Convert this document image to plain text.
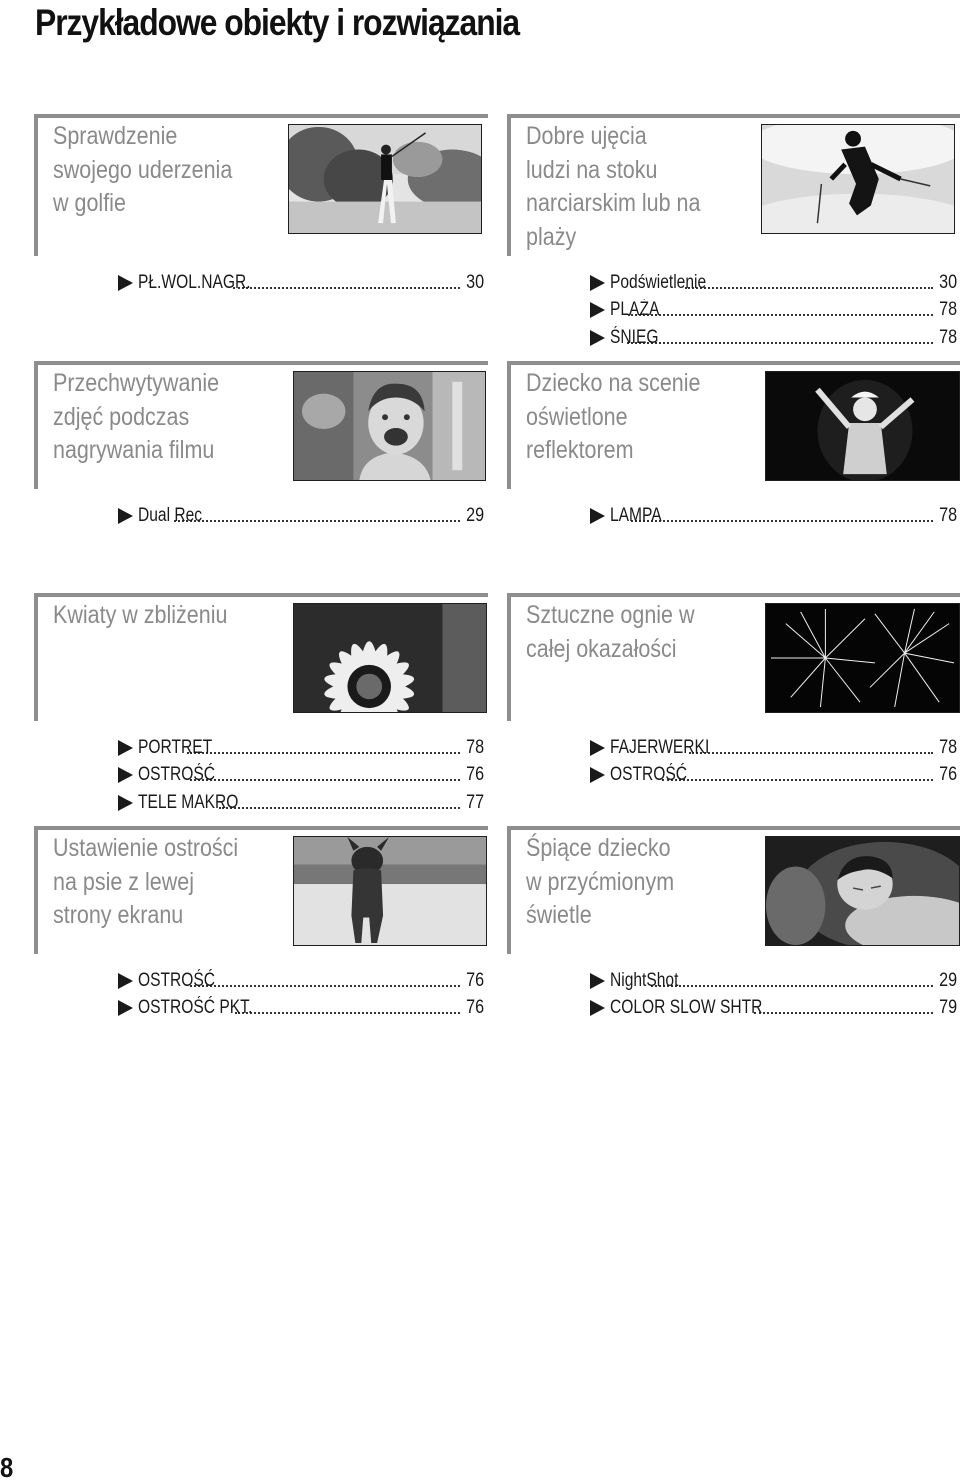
Przykładowe obiekty i rozwiązania
Sprawdzenie
swojego uderzenia
w golfie
PŁ.WOL.NAGR.	30
Dobre ujęcia
ludzi na stoku
narciarskim lub na
plaży
Podświetlenie	30
PLAŻA	78
ŚNIEG	78
Przechwytywanie
zdjęć podczas
nagrywania filmu
Dual Rec	29
Dziecko na scenie
oświetlone
reflektorem
LAMPA	78
Kwiaty w zbliżeniu
PORTRET	78
OSTROŚĆ	76
TELE MAKRO	77
Sztuczne ognie w
całej okazałości
FAJERWERKI	78
OSTROŚĆ	76
Ustawienie ostrości
na psie z lewej
strony ekranu
OSTROŚĆ	76
OSTROŚĆ PKT.	76
Śpiące dziecko
w przyćmionym
świetle
NightShot	29
COLOR SLOW SHTR	79
8
